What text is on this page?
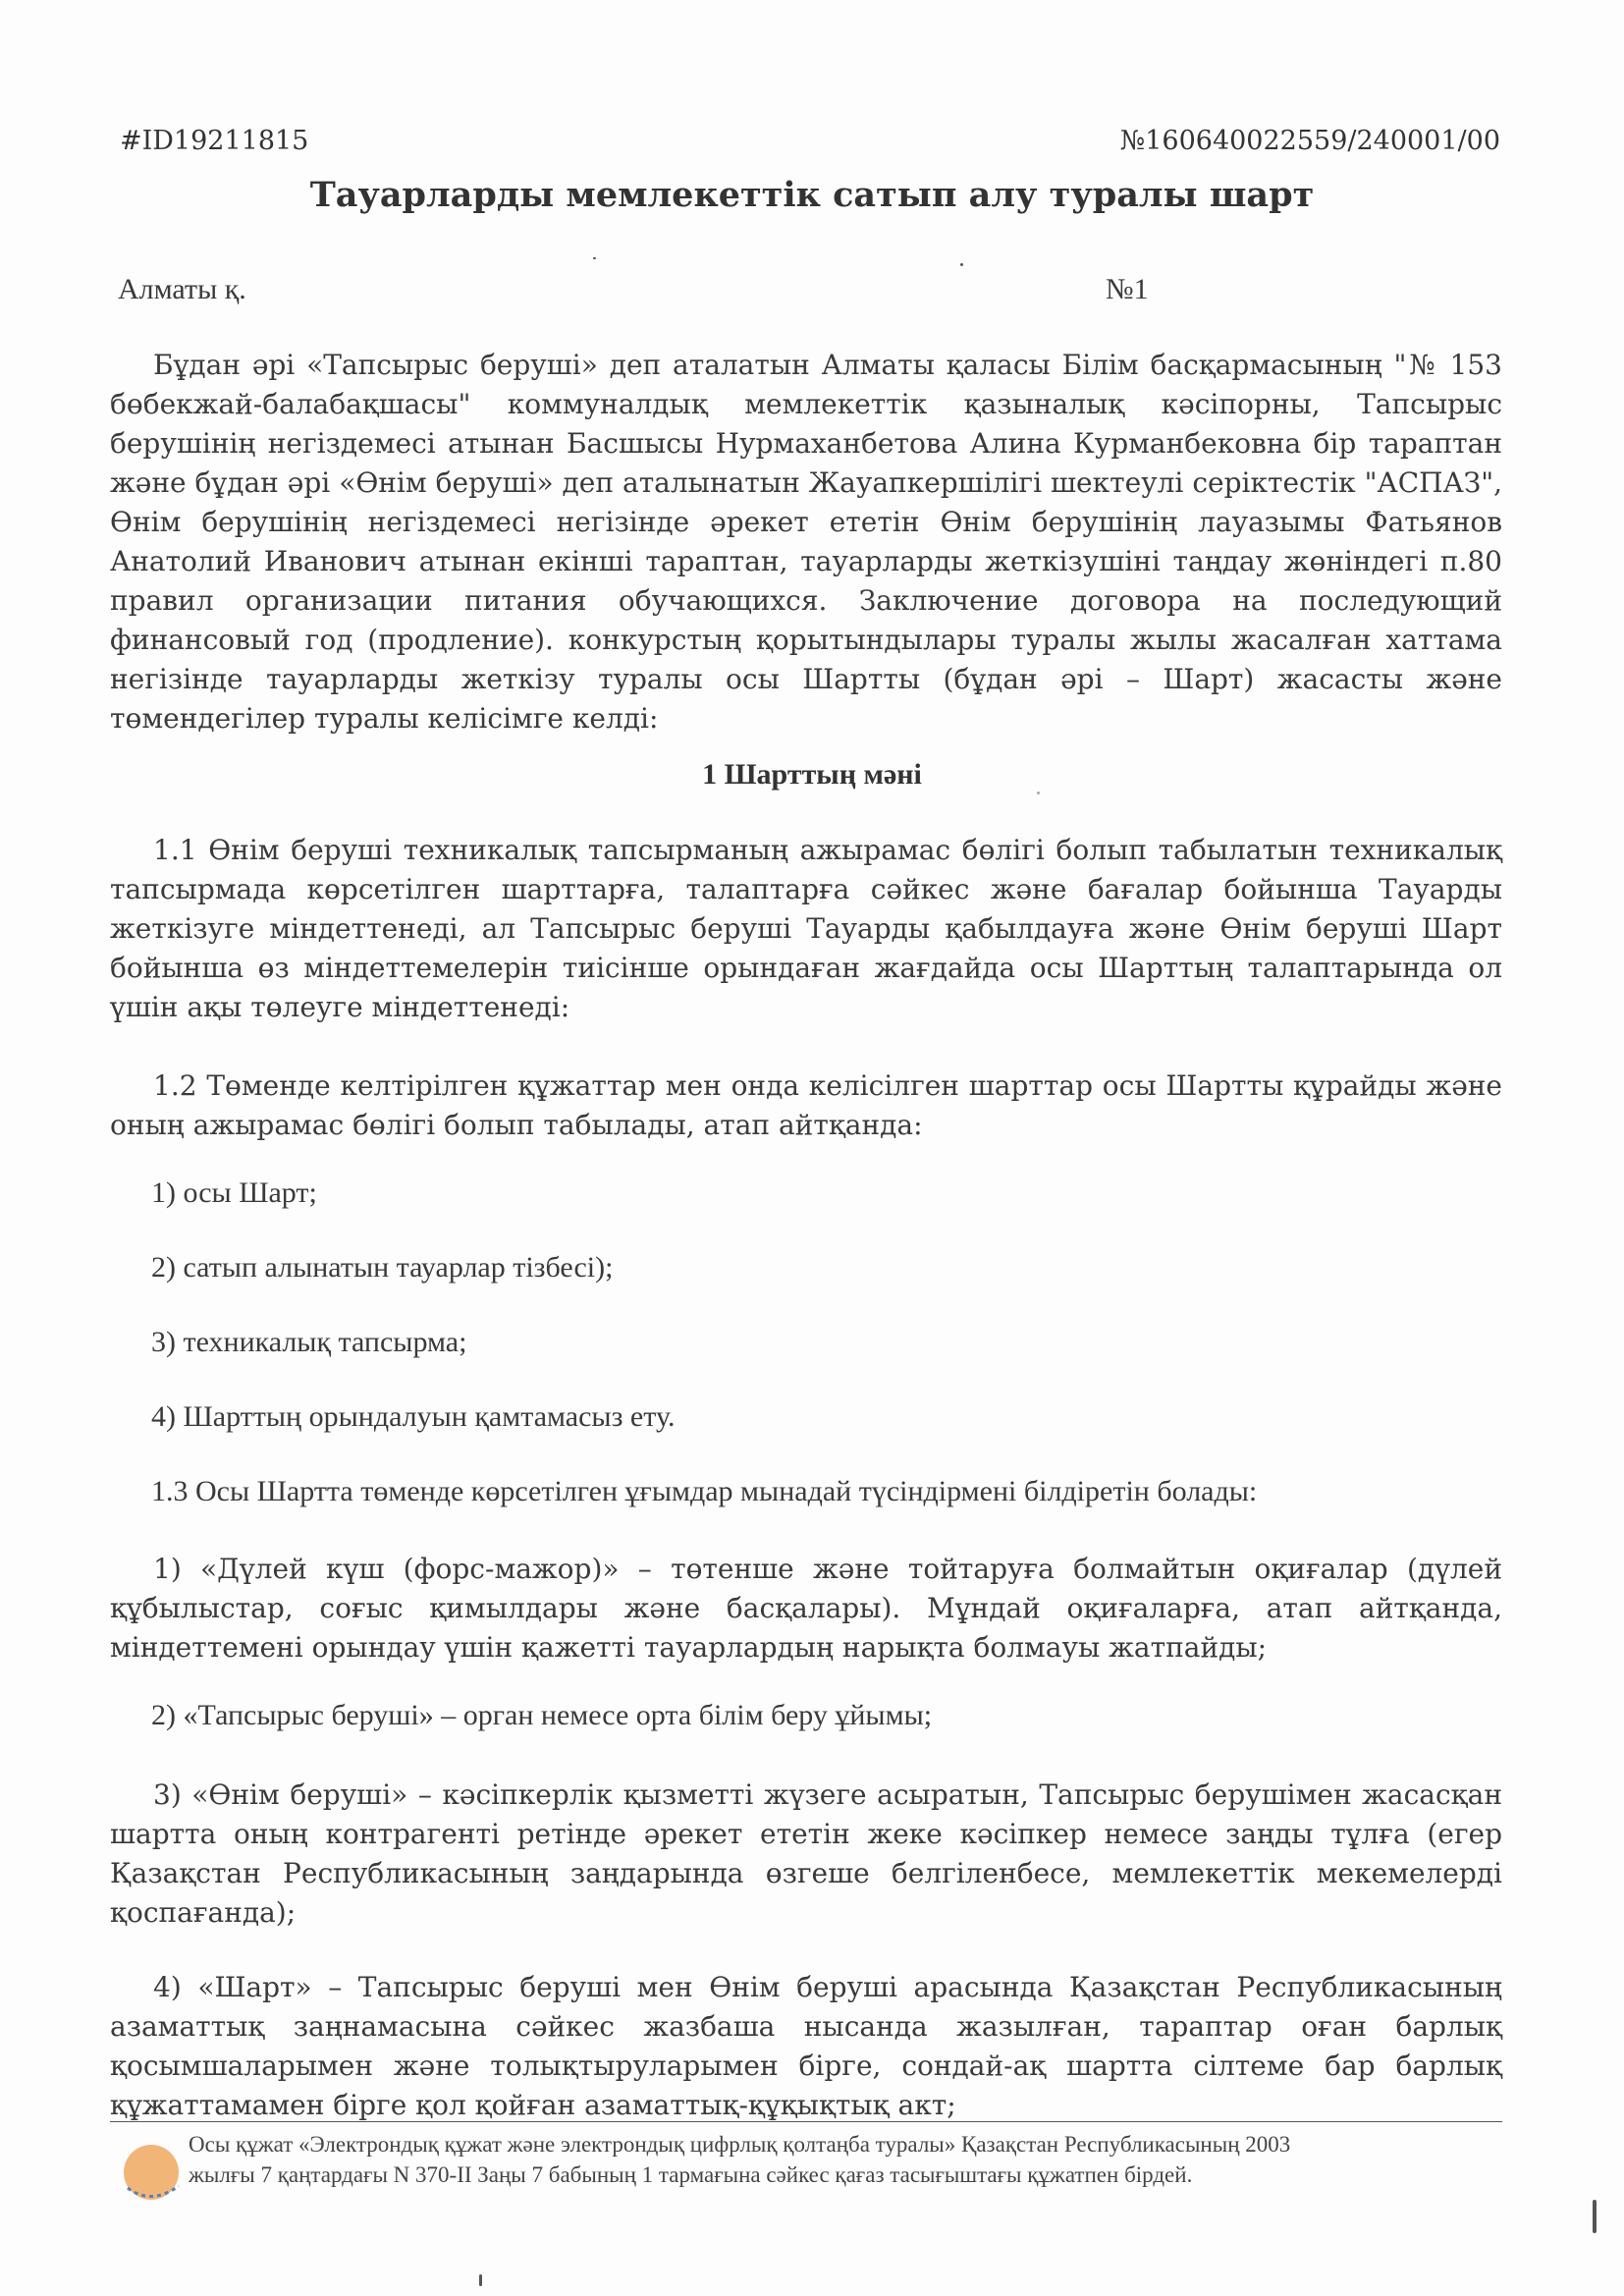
#ID19211815	№160640022559/240001/00
Тауарларды мемлекеттік сатып алу туралы шарт
Алматы қ.	№1

Бұдан әрі «Тапсырыс беруші» деп аталатын Алматы қаласы Білім басқармасының "№ 153 бөбекжай-балабақшасы" коммуналдық мемлекеттік қазыналық кәсіпорны, Тапсырыс берушінің негіздемесі атынан Басшысы Нурмаханбетова Алина Курманбековна бір тараптан және бұдан әрі «Өнім беруші» деп аталынатын Жауапкершілігі шектеулі серіктестік "АСПАЗ", Өнім берушінің негіздемесі негізінде әрекет ететін Өнім берушінің лауазымы Фатьянов Анатолий Иванович атынан екінші тараптан, тауарларды жеткізушіні таңдау жөніндегі п.80 правил организации питания обучающихся. Заключение договора на последующий финансовый год (продление). конкурстың қорытындылары туралы жылы жасалған хаттама негізінде тауарларды жеткізу туралы осы Шартты (бұдан әрі – Шарт) жасасты және төмендегілер туралы келісімге келді:

1 Шарттың мәні

1.1 Өнім беруші техникалық тапсырманың ажырамас бөлігі болып табылатын техникалық тапсырмада көрсетілген шарттарға, талаптарға сәйкес және бағалар бойынша Тауарды жеткізуге міндеттенеді, ал Тапсырыс беруші Тауарды қабылдауға және Өнім беруші Шарт бойынша өз міндеттемелерін тиісінше орындаған жағдайда осы Шарттың талаптарында ол үшін ақы төлеуге міндеттенеді:

1.2 Төменде келтірілген құжаттар мен онда келісілген шарттар осы Шартты құрайды және оның ажырамас бөлігі болып табылады, атап айтқанда:

1) осы Шарт;
2) сатып алынатын тауарлар тізбесі);
3) техникалық тапсырма;
4) Шарттың орындалуын қамтамасыз ету.
1.3 Осы Шартта төменде көрсетілген ұғымдар мынадай түсіндірмені білдіретін болады:

1) «Дүлей күш (форс-мажор)» – төтенше және тойтаруға болмайтын оқиғалар (дүлей құбылыстар, соғыс қимылдары және басқалары). Мұндай оқиғаларға, атап айтқанда, міндеттемені орындау үшін қажетті тауарлардың нарықта болмауы жатпайды;

2) «Тапсырыс беруші» – орган немесе орта білім беру ұйымы;

3) «Өнім беруші» – кәсіпкерлік қызметті жүзеге асыратын, Тапсырыс берушімен жасасқан шартта оның контрагенті ретінде әрекет ететін жеке кәсіпкер немесе заңды тұлға (егер Қазақстан Республикасының заңдарында өзгеше белгіленбесе, мемлекеттік мекемелерді қоспағанда);

4) «Шарт» – Тапсырыс беруші мен Өнім беруші арасында Қазақстан Республикасының азаматтық заңнамасына сәйкес жазбаша нысанда жазылған, тараптар оған барлық қосымшаларымен және толықтыруларымен бірге, сондай-ақ шартта сілтеме бар барлық құжаттамамен бірге қол қойған азаматтық-құқықтық акт;

Осы құжат «Электрондық құжат және электрондық цифрлық қолтаңба туралы» Қазақстан Республикасының 2003 жылғы 7 қаңтардағы N 370-II Заңы 7 бабының 1 тармағына сәйкес қағаз тасығыштағы құжатпен бірдей.
